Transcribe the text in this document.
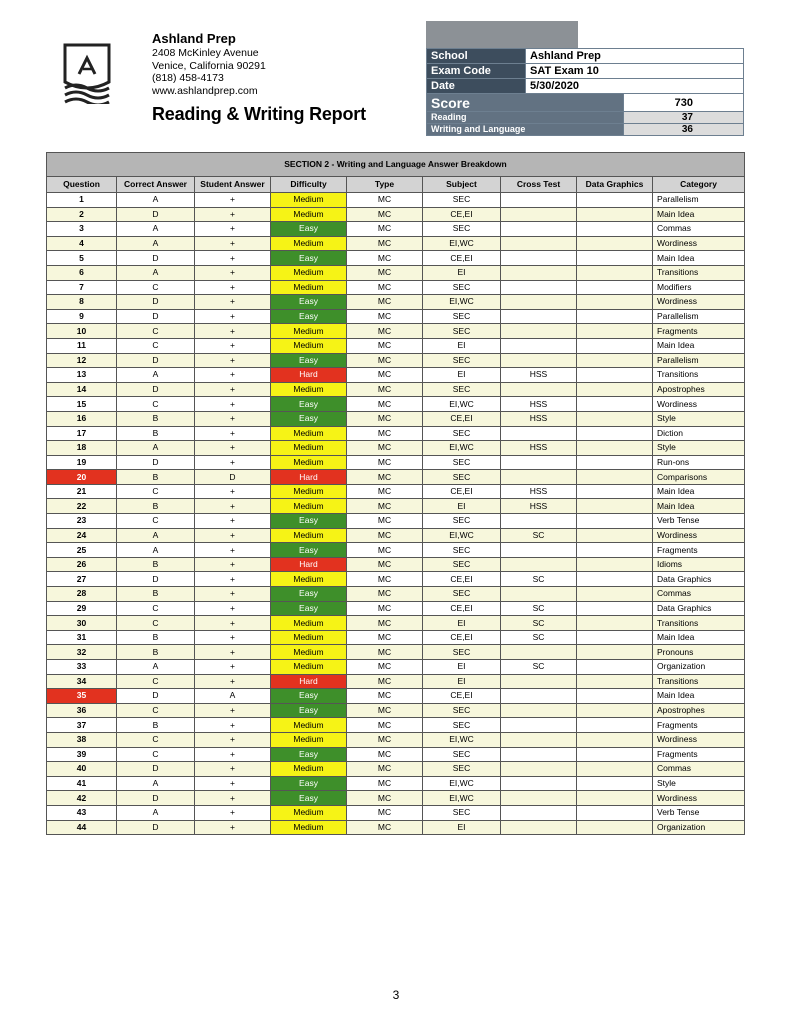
Ashland Prep
2408 McKinley Avenue
Venice, California 90291
(818) 458-4173
www.ashlandprep.com
Reading & Writing Report
School	Ashland Prep
Exam Code	SAT Exam 10
Date	5/30/2020
Score	730
Reading	37
Writing and Language	36
SECTION 2 - Writing and Language Answer Breakdown								
Question	Correct Answer	Student Answer	Difficulty	Type	Subject	Cross Test	Data Graphics	Category
1	A	+	Medium	MC	SEC			Parallelism
2	D	+	Medium	MC	CE,EI			Main Idea
3	A	+	Easy	MC	SEC			Commas
4	A	+	Medium	MC	EI,WC			Wordiness
5	D	+	Easy	MC	CE,EI			Main Idea
6	A	+	Medium	MC	EI			Transitions
7	C	+	Medium	MC	SEC			Modifiers
8	D	+	Easy	MC	EI,WC			Wordiness
9	D	+	Easy	MC	SEC			Parallelism
10	C	+	Medium	MC	SEC			Fragments
11	C	+	Medium	MC	EI			Main Idea
12	D	+	Easy	MC	SEC			Parallelism
13	A	+	Hard	MC	EI	HSS		Transitions
14	D	+	Medium	MC	SEC			Apostrophes
15	C	+	Easy	MC	EI,WC	HSS		Wordiness
16	B	+	Easy	MC	CE,EI	HSS		Style
17	B	+	Medium	MC	SEC			Diction
18	A	+	Medium	MC	EI,WC	HSS		Style
19	D	+	Medium	MC	SEC			Run-ons
20	B	D	Hard	MC	SEC			Comparisons
21	C	+	Medium	MC	CE,EI	HSS		Main Idea
22	B	+	Medium	MC	EI	HSS		Main Idea
23	C	+	Easy	MC	SEC			Verb Tense
24	A	+	Medium	MC	EI,WC	SC		Wordiness
25	A	+	Easy	MC	SEC			Fragments
26	B	+	Hard	MC	SEC			Idioms
27	D	+	Medium	MC	CE,EI	SC		Data Graphics
28	B	+	Easy	MC	SEC			Commas
29	C	+	Easy	MC	CE,EI	SC		Data Graphics
30	C	+	Medium	MC	EI	SC		Transitions
31	B	+	Medium	MC	CE,EI	SC		Main Idea
32	B	+	Medium	MC	SEC			Pronouns
33	A	+	Medium	MC	EI	SC		Organization
34	C	+	Hard	MC	EI			Transitions
35	D	A	Easy	MC	CE,EI			Main Idea
36	C	+	Easy	MC	SEC			Apostrophes
37	B	+	Medium	MC	SEC			Fragments
38	C	+	Medium	MC	EI,WC			Wordiness
39	C	+	Easy	MC	SEC			Fragments
40	D	+	Medium	MC	SEC			Commas
41	A	+	Easy	MC	EI,WC			Style
42	D	+	Easy	MC	EI,WC			Wordiness
43	A	+	Medium	MC	SEC			Verb Tense
44	D	+	Medium	MC	EI			Organization
3
